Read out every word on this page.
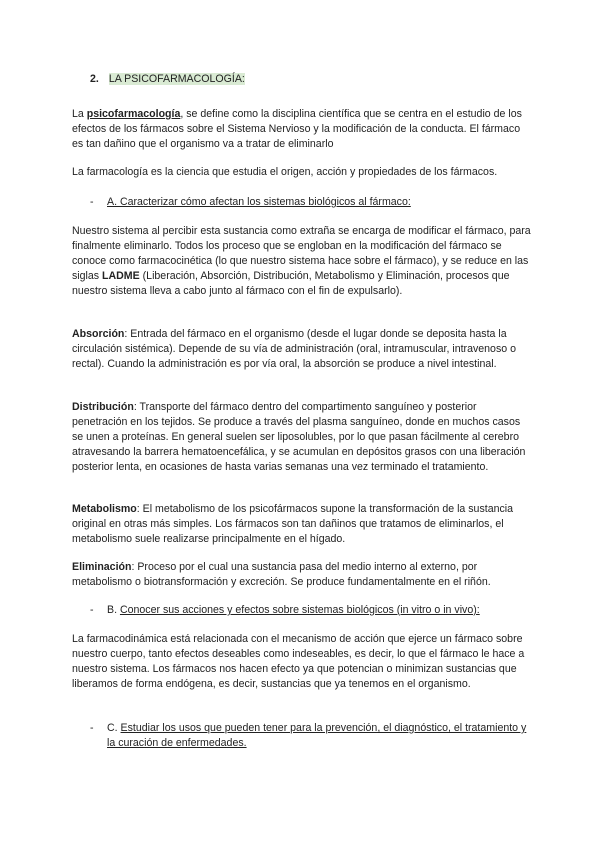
2. LA PSICOFARMACOLOGÍA:

La psicofarmacología, se define como la disciplina científica que se centra en el estudio de los efectos de los fármacos sobre el Sistema Nervioso y la modificación de la conducta. El fármaco es tan dañino que el organismo va a tratar de eliminarlo

La farmacología es la ciencia que estudia el origen, acción y propiedades de los fármacos.

- A. Caracterizar cómo afectan los sistemas biológicos al fármaco:

Nuestro sistema al percibir esta sustancia como extraña se encarga de modificar el fármaco, para finalmente eliminarlo. Todos los proceso que se engloban en la modificación del fármaco se conoce como farmacocinética (lo que nuestro sistema hace sobre el fármaco), y se reduce en las siglas LADME (Liberación, Absorción, Distribución, Metabolismo y Eliminación, procesos que nuestro sistema lleva a cabo junto al fármaco con el fin de expulsarlo).

Absorción: Entrada del fármaco en el organismo (desde el lugar donde se deposita hasta la circulación sistémica). Depende de su vía de administración (oral, intramuscular, intravenoso o rectal). Cuando la administración es por vía oral, la absorción se produce a nivel intestinal.

Distribución: Transporte del fármaco dentro del compartimento sanguíneo y posterior penetración en los tejidos. Se produce a través del plasma sanguíneo, donde en muchos casos se unen a proteínas. En general suelen ser liposolubles, por lo que pasan fácilmente al cerebro atravesando la barrera hematoencefálica, y se acumulan en depósitos grasos con una liberación posterior lenta, en ocasiones de hasta varias semanas una vez terminado el tratamiento.

Metabolismo: El metabolismo de los psicofármacos supone la transformación de la sustancia original en otras más simples. Los fármacos son tan dañinos que tratamos de eliminarlos, el metabolismo suele realizarse principalmente en el hígado.

Eliminación: Proceso por el cual una sustancia pasa del medio interno al externo, por metabolismo o biotransformación y excreción. Se produce fundamentalmente en el riñón.

- B. Conocer sus acciones y efectos sobre sistemas biológicos (in vitro o in vivo):

La farmacodinámica está relacionada con el mecanismo de acción que ejerce un fármaco sobre nuestro cuerpo, tanto efectos deseables como indeseables, es decir, lo que el fármaco le hace a nuestro sistema. Los fármacos nos hacen efecto ya que potencian o minimizan sustancias que liberamos de forma endógena, es decir, sustancias que ya tenemos en el organismo.

- C. Estudiar los usos que pueden tener para la prevención, el diagnóstico, el tratamiento y la curación de enfermedades.
